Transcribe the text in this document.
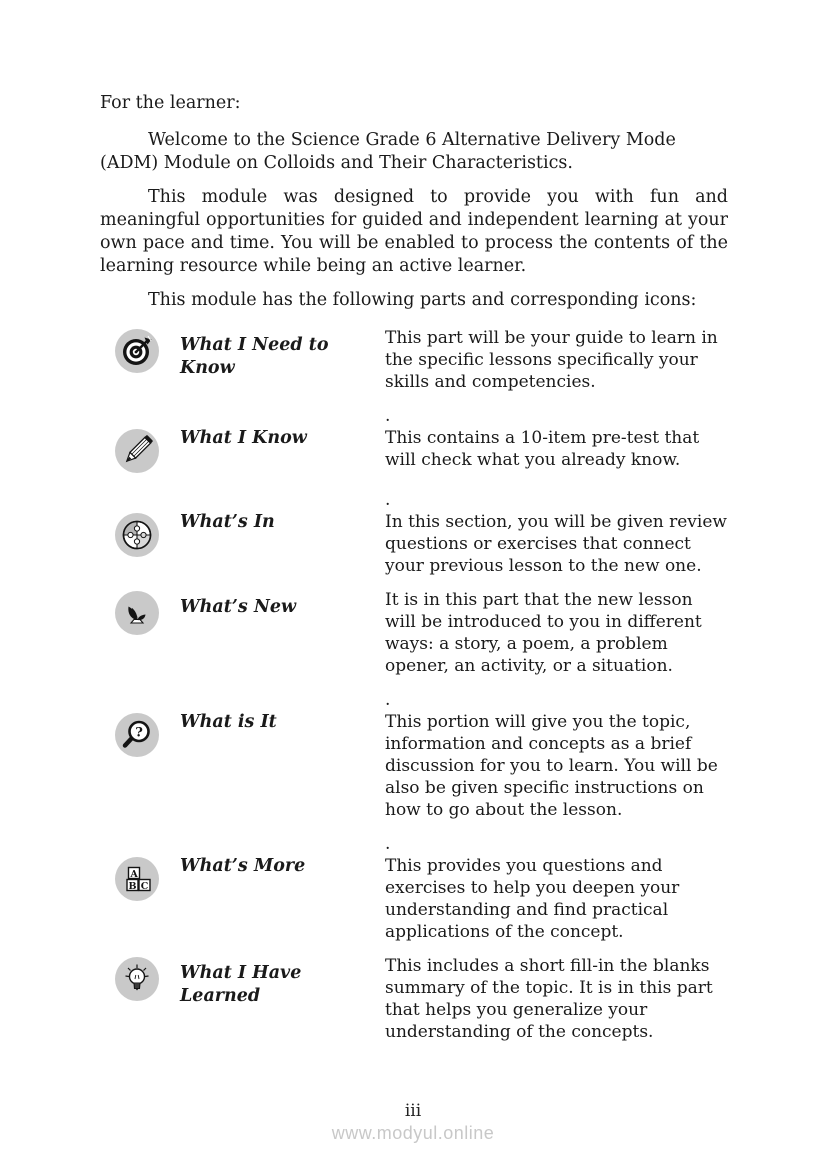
For the learner:

Welcome to the Science Grade 6 Alternative Delivery Mode (ADM) Module on Colloids and Their Characteristics.

This module was designed to provide you with fun and meaningful opportunities for guided and independent learning at your own pace and time. You will be enabled to process the contents of the learning resource while being an active learner.

This module has the following parts and corresponding icons:

What I Need to Know
This part will be your guide to learn in the specific lessons specifically your skills and competencies.
What I Know
.
This contains a 10-item pre-test that will check what you already know.
What’s In
.
In this section, you will be given review questions or exercises that connect your previous lesson to the new one.
What’s New	It is in this part that the new lesson will be introduced to you in different ways: a story, a poem, a problem opener, an activity, or a situation.
?
What is It
.
This portion will give you the topic, information and concepts as a brief discussion for you to learn. You will be also be given specific instructions on how to go about the lesson.
A
B C
What’s More
.
This provides you questions and exercises to help you deepen your understanding and find practical applications of the concept.
What I Have Learned
This includes a short fill-in the blanks summary of the topic. It is in this part that helps you generalize your understanding of the concepts.
iii
www.modyul.online
